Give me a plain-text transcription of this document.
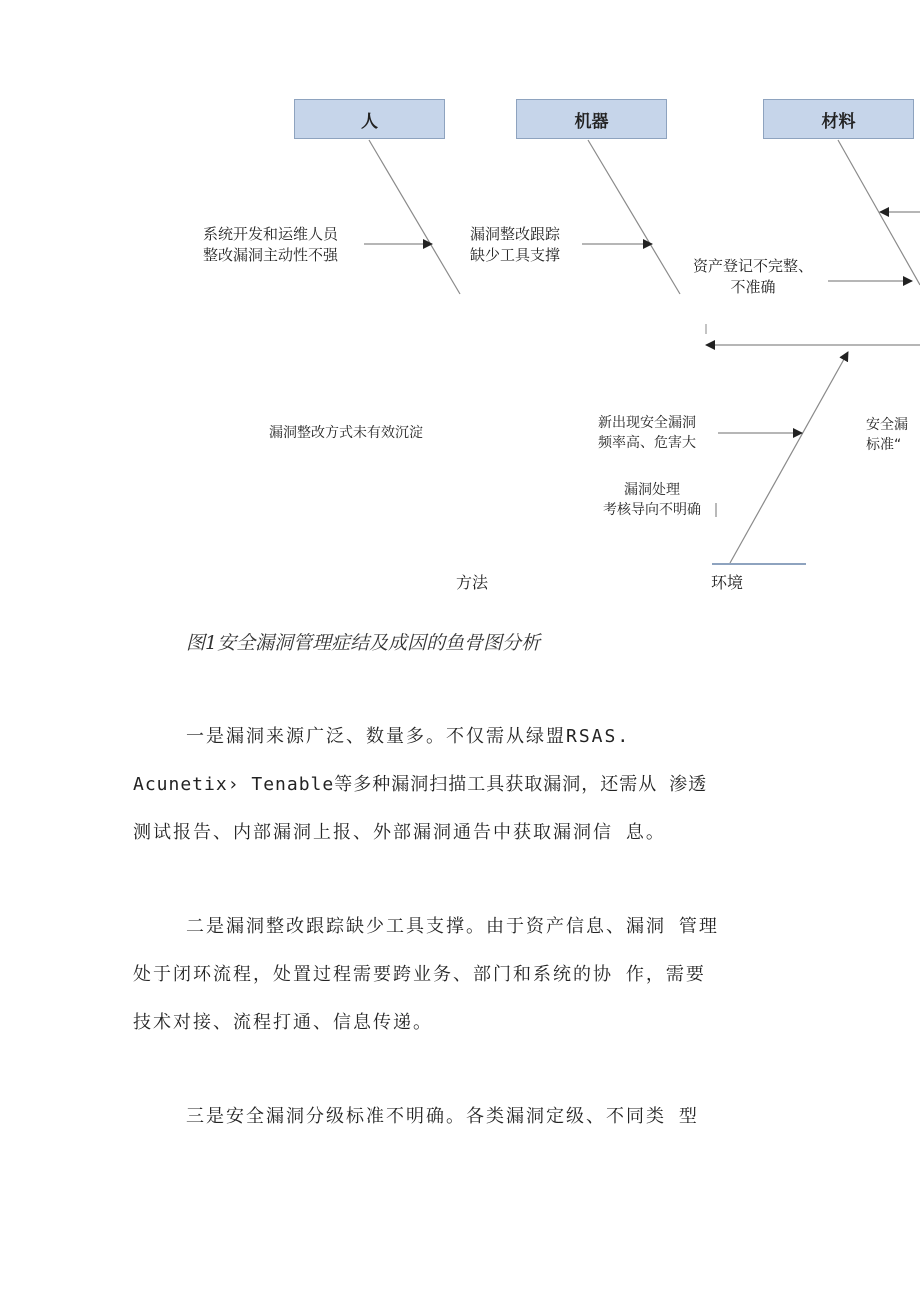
人	机器	材料
系统开发和运维人员
整改漏洞主动性不强
漏洞整改跟踪
缺少工具支撑
资产登记不完整、
不准确
漏洞整改方式未有效沉淀
新出现安全漏洞
频率高、危害大
漏洞处理
考核导向不明确
安全漏
标准“
方法	环境
图1安全漏洞管理症结及成因的鱼骨图分析
一是漏洞来源广泛、数量多。不仅需从绿盟RSAS.
Acunetix› Tenable等多种漏洞扫描工具获取漏洞，还需从 渗透
测试报告、内部漏洞上报、外部漏洞通告中获取漏洞信 息。
二是漏洞整改跟踪缺少工具支撑。由于资产信息、漏洞 管理
处于闭环流程，处置过程需要跨业务、部门和系统的协 作，需要
技术对接、流程打通、信息传递。
三是安全漏洞分级标准不明确。各类漏洞定级、不同类 型
